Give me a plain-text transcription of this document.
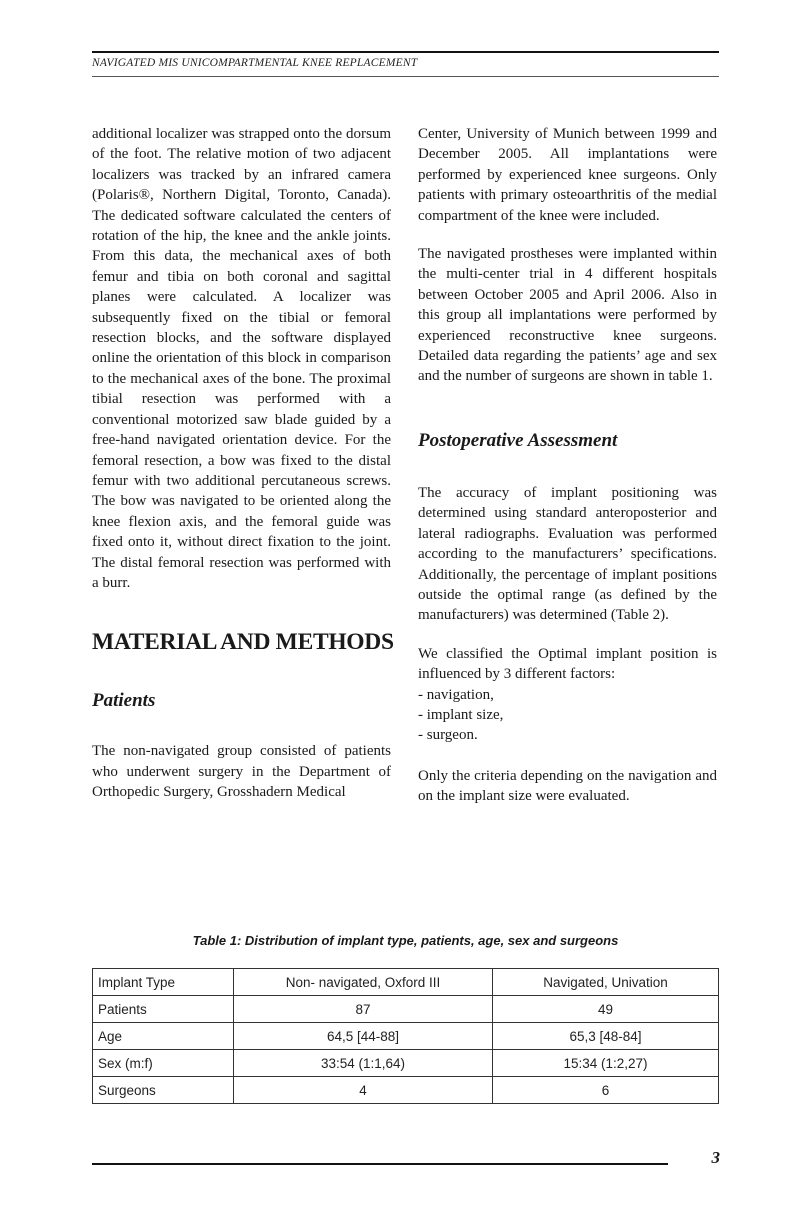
NAVIGATED MIS UNICOMPARTMENTAL KNEE REPLACEMENT

additional localizer was strapped onto the dorsum of the foot. The relative motion of two adjacent localizers was tracked by an infrared camera (Polaris®, Northern Digital, Toronto, Canada). The dedicated software calculated the centers of rotation of the hip, the knee and the ankle joints. From this data, the mechanical axes of both femur and tibia on both coronal and sagittal planes were calculated. A localizer was subsequently fixed on the tibial or femoral resection blocks, and the software displayed online the orientation of this block in comparison to the mechanical axes of the bone. The proximal tibial resection was performed with a conventional motorized saw blade guided by a free-hand navigated orientation device. For the femoral resection, a bow was fixed to the distal femur with two additional percutaneous screws. The bow was navigated to be oriented along the knee flexion axis, and the femoral guide was fixed onto it, without direct fixation to the joint. The distal femoral resection was performed with a burr.

MATERIAL AND METHODS
Patients

The non-navigated group consisted of patients who underwent surgery in the Department of Orthopedic Surgery, Grosshadern Medical

Center, University of Munich between 1999 and December 2005. All implantations were performed by experienced knee surgeons. Only patients with primary osteoarthritis of the medial compartment of the knee were included.

The navigated prostheses were implanted within the multi-center trial in 4 different hospitals between October 2005 and April 2006. Also in this group all implantations were performed by experienced reconstructive knee surgeons. Detailed data regarding the patients’ age and sex and the number of surgeons are shown in table 1.

Postoperative Assessment

The accuracy of implant positioning was determined using standard anteroposterior and lateral radiographs. Evaluation was performed according to the manufacturers’ specifications. Additionally, the percentage of implant positions outside the optimal range (as defined by the manufacturers) was determined (Table 2).

We classified the Optimal implant position is influenced by 3 different factors:

- navigation,
- implant size,
- surgeon.

Only the criteria depending on the navigation and on the implant size were evaluated.

Table 1: Distribution of implant type, patients, age, sex and surgeons
Implant Type	Non- navigated, Oxford III	Navigated, Univation
Patients	87	49
Age	64,5 [44-88]	65,3 [48-84]
Sex (m:f)	33:54 (1:1,64)	15:34 (1:2,27)
Surgeons	4	6
3
